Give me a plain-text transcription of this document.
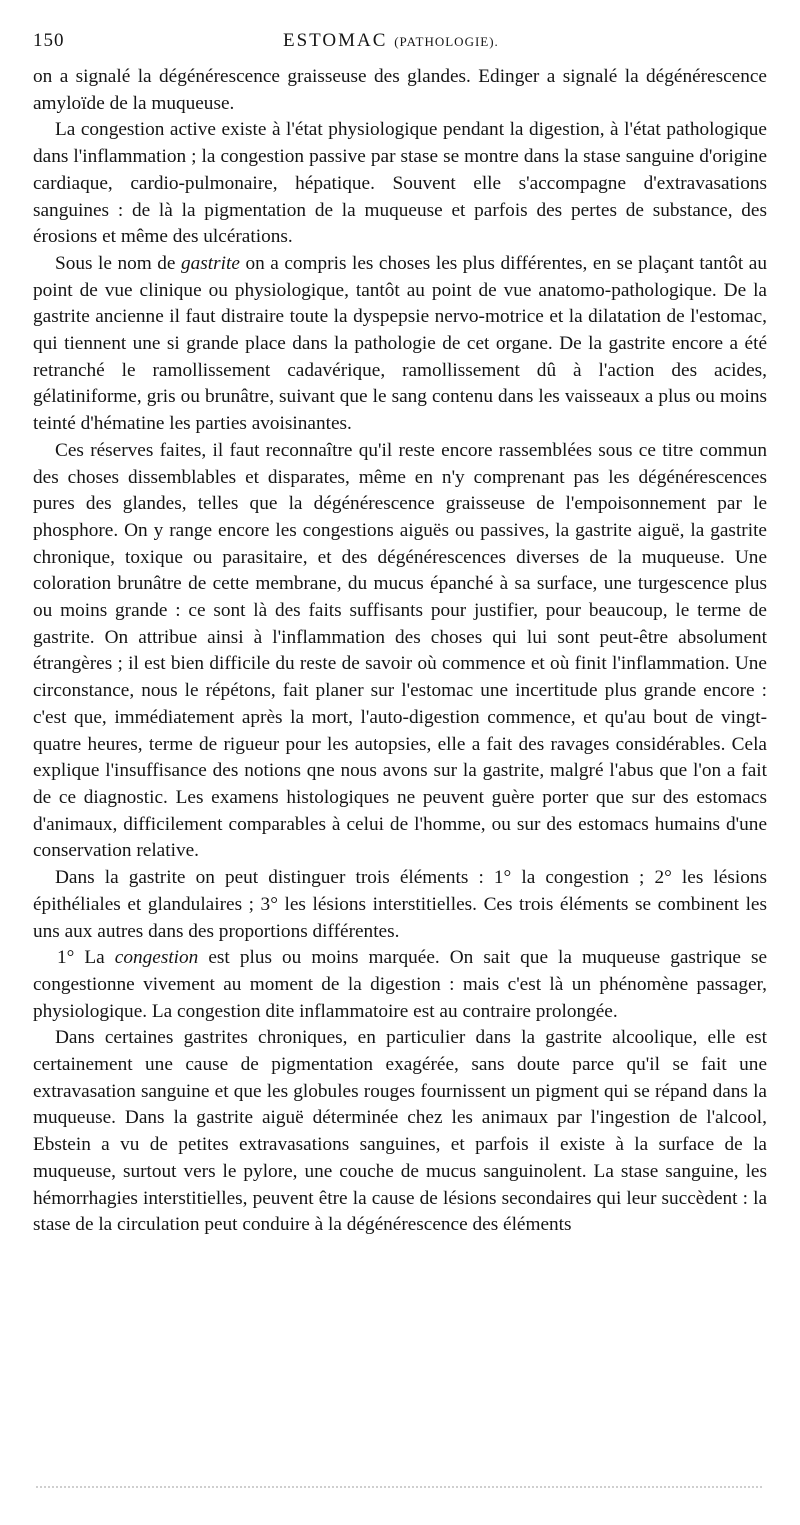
150	ESTOMAC (PATHOLOGIE).

on a signalé la dégénérescence graisseuse des glandes. Edinger a signalé la dégénérescence amyloïde de la muqueuse.

La congestion active existe à l'état physiologique pendant la digestion, à l'état pathologique dans l'inflammation ; la congestion passive par stase se montre dans la stase sanguine d'origine cardiaque, cardio-pulmonaire, hépatique. Souvent elle s'accompagne d'extravasations sanguines : de là la pigmentation de la muqueuse et parfois des pertes de substance, des érosions et même des ulcérations.

Sous le nom de gastrite on a compris les choses les plus différentes, en se plaçant tantôt au point de vue clinique ou physiologique, tantôt au point de vue anatomo-pathologique. De la gastrite ancienne il faut distraire toute la dyspepsie nervo-motrice et la dilatation de l'estomac, qui tiennent une si grande place dans la pathologie de cet organe. De la gastrite encore a été retranché le ramollissement cadavérique, ramollissement dû à l'action des acides, gélatiniforme, gris ou brunâtre, suivant que le sang contenu dans les vaisseaux a plus ou moins teinté d'hématine les parties avoisinantes.

Ces réserves faites, il faut reconnaître qu'il reste encore rassemblées sous ce titre commun des choses dissemblables et disparates, même en n'y comprenant pas les dégénérescences pures des glandes, telles que la dégénérescence graisseuse de l'empoisonnement par le phosphore. On y range encore les congestions aiguës ou passives, la gastrite aiguë, la gastrite chronique, toxique ou parasitaire, et des dégénérescences diverses de la muqueuse. Une coloration brunâtre de cette membrane, du mucus épanché à sa surface, une turgescence plus ou moins grande : ce sont là des faits suffisants pour justifier, pour beaucoup, le terme de gastrite. On attribue ainsi à l'inflammation des choses qui lui sont peut-être absolument étrangères ; il est bien difficile du reste de savoir où commence et où finit l'inflammation. Une circonstance, nous le répétons, fait planer sur l'estomac une incertitude plus grande encore : c'est que, immédiatement après la mort, l'auto-digestion commence, et qu'au bout de vingt-quatre heures, terme de rigueur pour les autopsies, elle a fait des ravages considérables. Cela explique l'insuffisance des notions qne nous avons sur la gastrite, malgré l'abus que l'on a fait de ce diagnostic. Les examens histologiques ne peuvent guère porter que sur des estomacs d'animaux, difficilement comparables à celui de l'homme, ou sur des estomacs humains d'une conservation relative.

Dans la gastrite on peut distinguer trois éléments : 1° la congestion ; 2° les lésions épithéliales et glandulaires ; 3° les lésions interstitielles. Ces trois éléments se combinent les uns aux autres dans des proportions différentes.

1° La congestion est plus ou moins marquée. On sait que la muqueuse gastrique se congestionne vivement au moment de la digestion : mais c'est là un phénomène passager, physiologique. La congestion dite inflammatoire est au contraire prolongée.

Dans certaines gastrites chroniques, en particulier dans la gastrite alcoolique, elle est certainement une cause de pigmentation exagérée, sans doute parce qu'il se fait une extravasation sanguine et que les globules rouges fournissent un pigment qui se répand dans la muqueuse. Dans la gastrite aiguë déterminée chez les animaux par l'ingestion de l'alcool, Ebstein a vu de petites extravasations sanguines, et parfois il existe à la surface de la muqueuse, surtout vers le pylore, une couche de mucus sanguinolent. La stase sanguine, les hémorrhagies interstitielles, peuvent être la cause de lésions secondaires qui leur succèdent : la stase de la circulation peut conduire à la dégénérescence des éléments
